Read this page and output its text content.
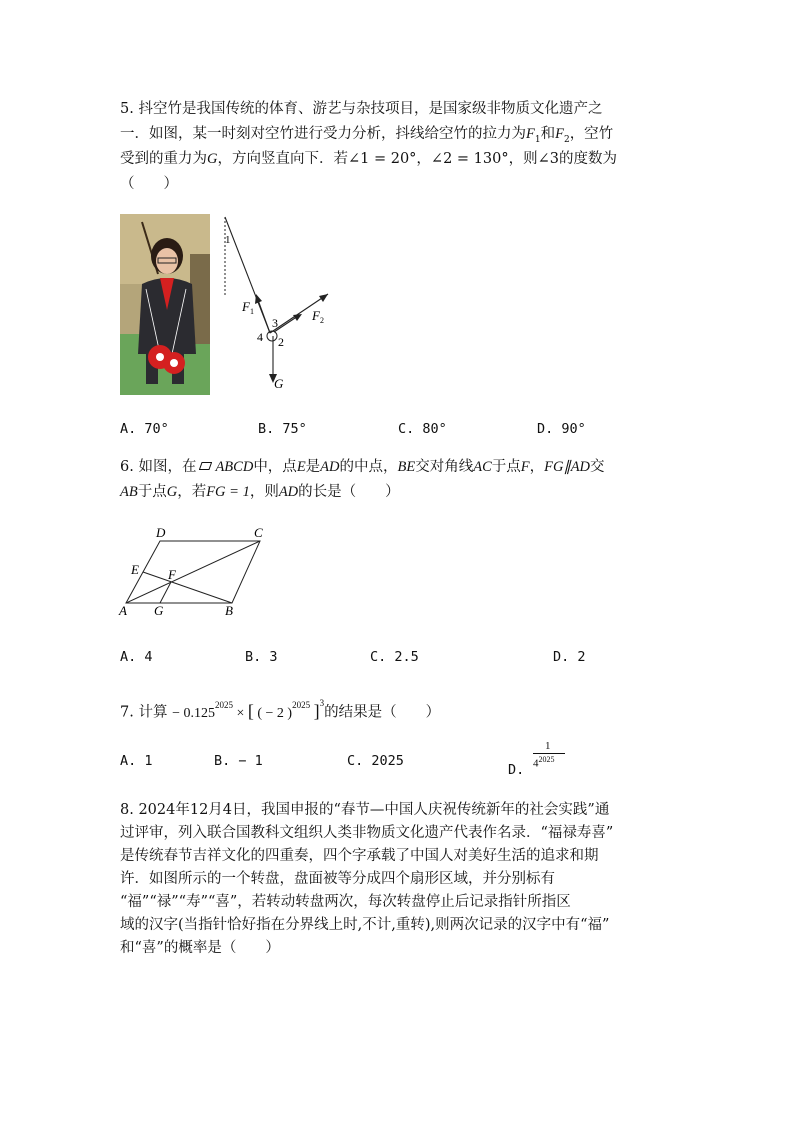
5. 抖空竹是我国传统的体育、游艺与杂技项目，是国家级非物质文化遗产之
一．如图，某一时刻对空竹进行受力分析，抖线给空竹的拉力为$F_1$和$F_2$，空竹
受到的重力为G，方向竖直向下．若∠1 = 20°，∠2 = 130°，则∠3的度数为
（　　）
1
F 1	F 2
3
4 2
G
A. 70°	B. 75°	C. 80°	D. 90°
6. 如图，在 ABCD中，点E是AD的中点，BE交对角线AC于点F，FG∥AD交
AB于点G，若FG = 1，则AD的长是（　　）
D	C
E F
A G	B
A. 4	B. 3	C. 2.5	D. 2
7. 计算 − $0.125^{2025}$ × [ ( − 2 )$^{2025}$ ]$^3$的结果是（　　）
A. 1	B. − 1	C. 2025
D.
1
$4^{2025}$
8. 2024年12月4日，我国申报的“春节—中国人庆祝传统新年的社会实践”通
过评审，列入联合国教科文组织人类非物质文化遗产代表作名录．“福禄寿喜”
是传统春节吉祥文化的四重奏，四个字承载了中国人对美好生活的追求和期
许．如图所示的一个转盘，盘面被等分成四个扇形区域，并分别标有
“福”“禄”“寿”“喜”，若转动转盘两次，每次转盘停止后记录指针所指区
域的汉字(当指针恰好指在分界线上时,不计,重转),则两次记录的汉字中有“福”
和“喜”的概率是（　　）
